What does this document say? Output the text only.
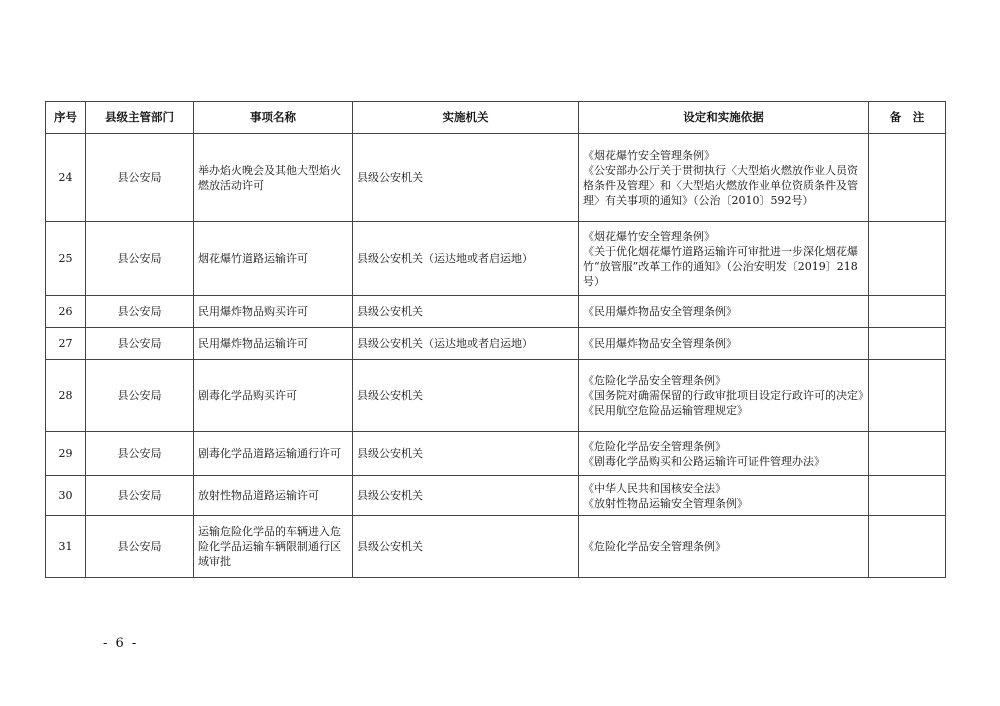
序号	县级主管部门	事项名称	实施机关	设定和实施依据	备　注
24	县公安局	举办焰火晚会及其他大型焰火燃放活动许可	县级公安机关	《烟花爆竹安全管理条例》
《公安部办公厅关于贯彻执行〈大型焰火燃放作业人员资格条件及管理〉和〈大型焰火燃放作业单位资质条件及管理〉有关事项的通知》（公治〔2010〕592号）	

25	县公安局	烟花爆竹道路运输许可	县级公安机关（运达地或者启运地）	《烟花爆竹安全管理条例》
《关于优化烟花爆竹道路运输许可审批进一步深化烟花爆竹“放管服”改革工作的通知》（公治安明发〔2019〕218号）	

26	县公安局	民用爆炸物品购买许可	县级公安机关	《民用爆炸物品安全管理条例》	

27	县公安局	民用爆炸物品运输许可	县级公安机关（运达地或者启运地）	《民用爆炸物品安全管理条例》	

28	县公安局	剧毒化学品购买许可	县级公安机关	《危险化学品安全管理条例》
《国务院对确需保留的行政审批项目设定行政许可的决定》
《民用航空危险品运输管理规定》	

29	县公安局	剧毒化学品道路运输通行许可	县级公安机关	《危险化学品安全管理条例》
《剧毒化学品购买和公路运输许可证件管理办法》	

30	县公安局	放射性物品道路运输许可	县级公安机关	《中华人民共和国核安全法》
《放射性物品运输安全管理条例》	

31	县公安局	运输危险化学品的车辆进入危险化学品运输车辆限制通行区域审批	县级公安机关	《危险化学品安全管理条例》	

- 6 -
